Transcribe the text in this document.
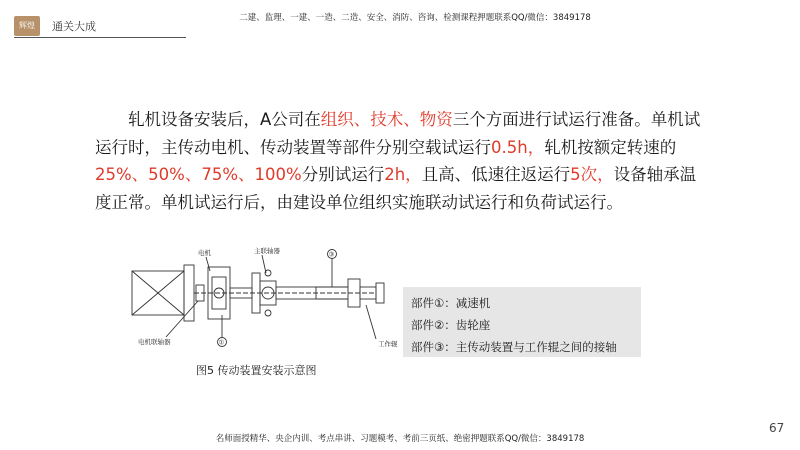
辉煌 通关大成
二建、监理、一建、一造、二造、安全、消防、咨询、检测课程押题联系QQ/微信：3849178
轧机设备安装后，A公司在组织、技术、物资三个方面进行试运行准备。单机试运行时，主传动电机、传动装置等部件分别空载试运行0.5h，轧机按额定转速的25%、50%、75%、100%分别试运行2h，且高、低速往返运行5次，设备轴承温度正常。单机试运行后，由建设单位组织实施联动试运行和负荷试运行。
电机	主联轴器	③
①
电机联轴器	工作辊
图5 传动装置安装示意图
部件①：减速机
部件②：齿轮座
部件③：主传动装置与工作辊之间的接轴
67
名师面授精华、央企内训、考点串讲、习题模考、考前三页纸、绝密押题联系QQ/微信：3849178
